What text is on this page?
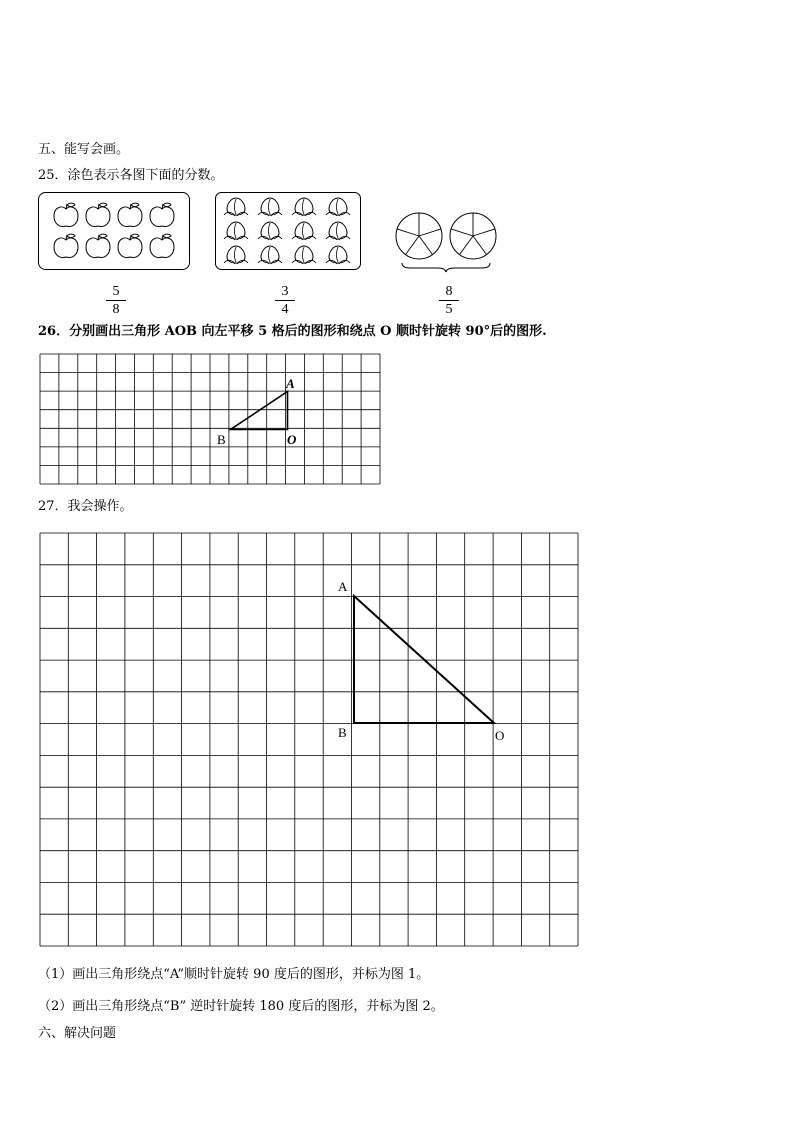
五、能写会画。
25．涂色表示各图下面的分数。
5
8
3
4
8
5
26．分别画出三角形 AOB 向左平移 5 格后的图形和绕点 O 顺时针旋转 90°后的图形.
A
B	O
27．我会操作。
A
B	O
（1）画出三角形绕点“A”顺时针旋转 90 度后的图形，并标为图 1。
（2）画出三角形绕点“B” 逆时针旋转 180 度后的图形，并标为图 2。
六、解决问题
